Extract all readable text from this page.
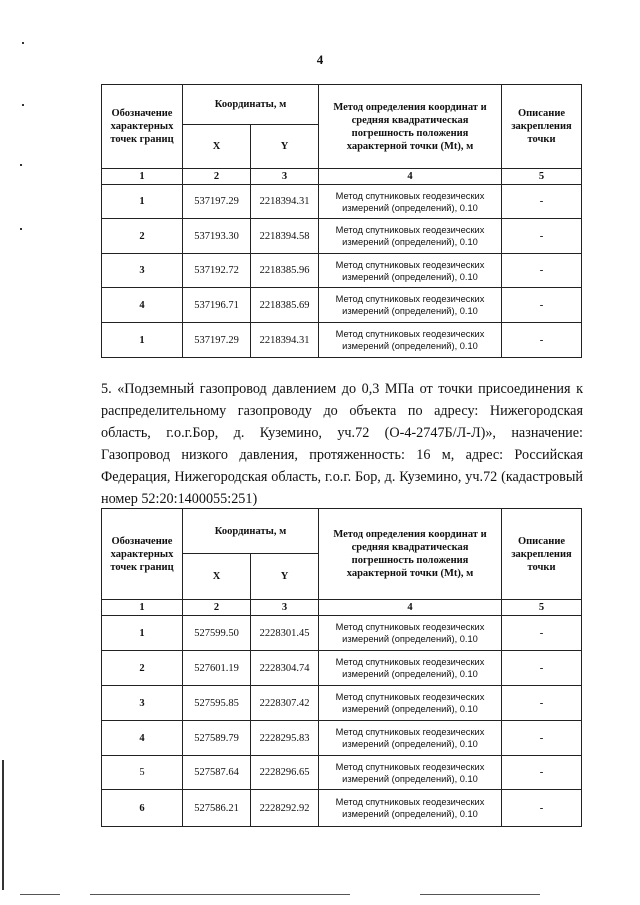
4
Обозначение характерных точек границ	Координаты, м		Метод определения координат и средняя квадратическая погрешность положения характерной точки (Mt), м	Описание закрепления точки
	X	Y		
1	2	3	4	5
1	537197.29	2218394.31	Метод спутниковых геодезических измерений (определений), 0.10	-
2	537193.30	2218394.58	Метод спутниковых геодезических измерений (определений), 0.10	-
3	537192.72	2218385.96	Метод спутниковых геодезических измерений (определений), 0.10	-
4	537196.71	2218385.69	Метод спутниковых геодезических измерений (определений), 0.10	-
1	537197.29	2218394.31	Метод спутниковых геодезических измерений (определений), 0.10	-
5. «Подземный газопровод давлением до 0,3 МПа от точки присоединения к распределительному газопроводу до объекта по адресу: Нижегородская область, г.о.г.Бор, д. Куземино, уч.72 (О-4-2747Б/Л-Л)», назначение: Газопровод низкого давления, протяженность: 16 м, адрес: Российская Федерация, Нижегородская область, г.о.г. Бор, д. Куземино, уч.72 (кадастровый номер 52:20:1400055:251)
Обозначение характерных точек границ	Координаты, м		Метод определения координат и средняя квадратическая погрешность положения характерной точки (Mt), м	Описание закрепления точки
	X	Y		
1	2	3	4	5
1	527599.50	2228301.45	Метод спутниковых геодезических измерений (определений), 0.10	-
2	527601.19	2228304.74	Метод спутниковых геодезических измерений (определений), 0.10	-
3	527595.85	2228307.42	Метод спутниковых геодезических измерений (определений), 0.10	-
4	527589.79	2228295.83	Метод спутниковых геодезических измерений (определений), 0.10	-
5	527587.64	2228296.65	Метод спутниковых геодезических измерений (определений), 0.10	-
6	527586.21	2228292.92	Метод спутниковых геодезических измерений (определений), 0.10	-
